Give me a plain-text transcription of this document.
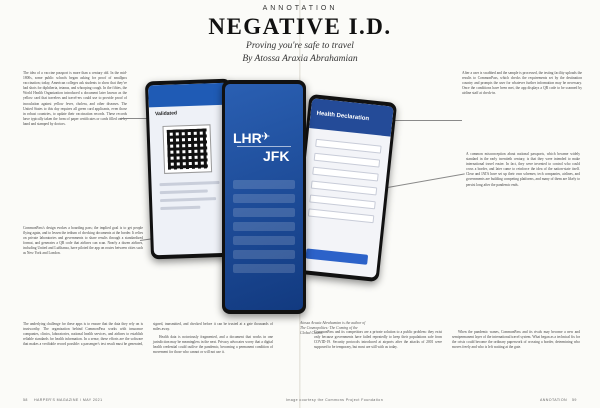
ANNOTATION
NEGATIVE I.D.
Proving you're safe to travel
By Atossa Araxia Abrahamian

The idea of a vaccine passport is more than a century old. In the mid-1800s, some public schools began asking for proof of smallpox vaccination; today, American colleges ask students to show that they've had shots for diphtheria, tetanus, and whooping cough. In the fifties, the World Health Organization introduced a document later known as the yellow card that travelers and travel-ers could use to provide proof of inoculation against yellow fever, cholera, and other diseases. The United States to this day requires all green card applicants, even those in robust countries, to update their vaccination records. These records have typically taken the form of paper certificates or cards filled out by hand and stamped by doctors.

CommonPass's design evokes a boarding pass; the implied goal is to get people flying again, and to lessen the tedium of checking documents at the border. It relies on private laboratories and governments to share results through a standardized format, and generates a QR code that airlines can scan. Nearly a dozen airlines, including United and Lufthansa, have piloted the app on routes between cities such as New York and London.

The underlying challenge for these apps is to ensure that the data they rely on is trustworthy. The organization behind CommonPass works with insurance companies, clinics, laboratories, national health services, and airlines to establish reliable standards for health information. In a sense, these efforts are the software that makes a verifiable record possible: a passenger's test result must be generated, signed, transmitted, and checked before it can be trusted at a gate thousands of miles away.

Health data is notoriously fragmented, and a document that works in one jurisdiction may be meaningless in the next. Privacy advocates worry that a digital health credential could outlive the pandemic, becoming a permanent condition of movement for those who cannot or will not use it.

After a user is swabbed and the sample is processed, the testing facility uploads the results to CommonPass, which checks the requirements set by the destination country and prompts the user for whatever further information may be necessary. Once the conditions have been met, the app displays a QR code to be scanned by airline staff at check-in.

A common misconception about national passports, which became widely standard in the early twentieth century, is that they were intended to make international travel easier. In fact, they were invented to control who could cross a border, and later came to reinforce the idea of the nation-state itself. Clear and IATA have set up their own schemes; tech companies, airlines, and governments are building competing platforms, and many of them are likely to persist long after the pandemic ends.

CommonPass and its competitors are a private solution to a public problem: they exist only because governments have failed repeatedly to keep their populations safe from COVID-19. Security protocols introduced at airports after the attacks of 2001 were supposed to be temporary, but most are still with us today.

When the pandemic wanes, CommonPass and its rivals may become a new and semipermanent layer of the international travel system. What began as a technical fix for the crisis could become the ordinary paperwork of crossing a border, determining who moves freely and who is left waiting at the gate.

Validated
LHR ✈
JFK
Health Declaration
Atossa Araxia Abrahamian is the author of The Cosmopolites: The Coming of the Global Citizen.
58 HARPER'S MAGAZINE / MAY 2021	Image courtesy the Commons Project Foundation	ANNOTATION 59
